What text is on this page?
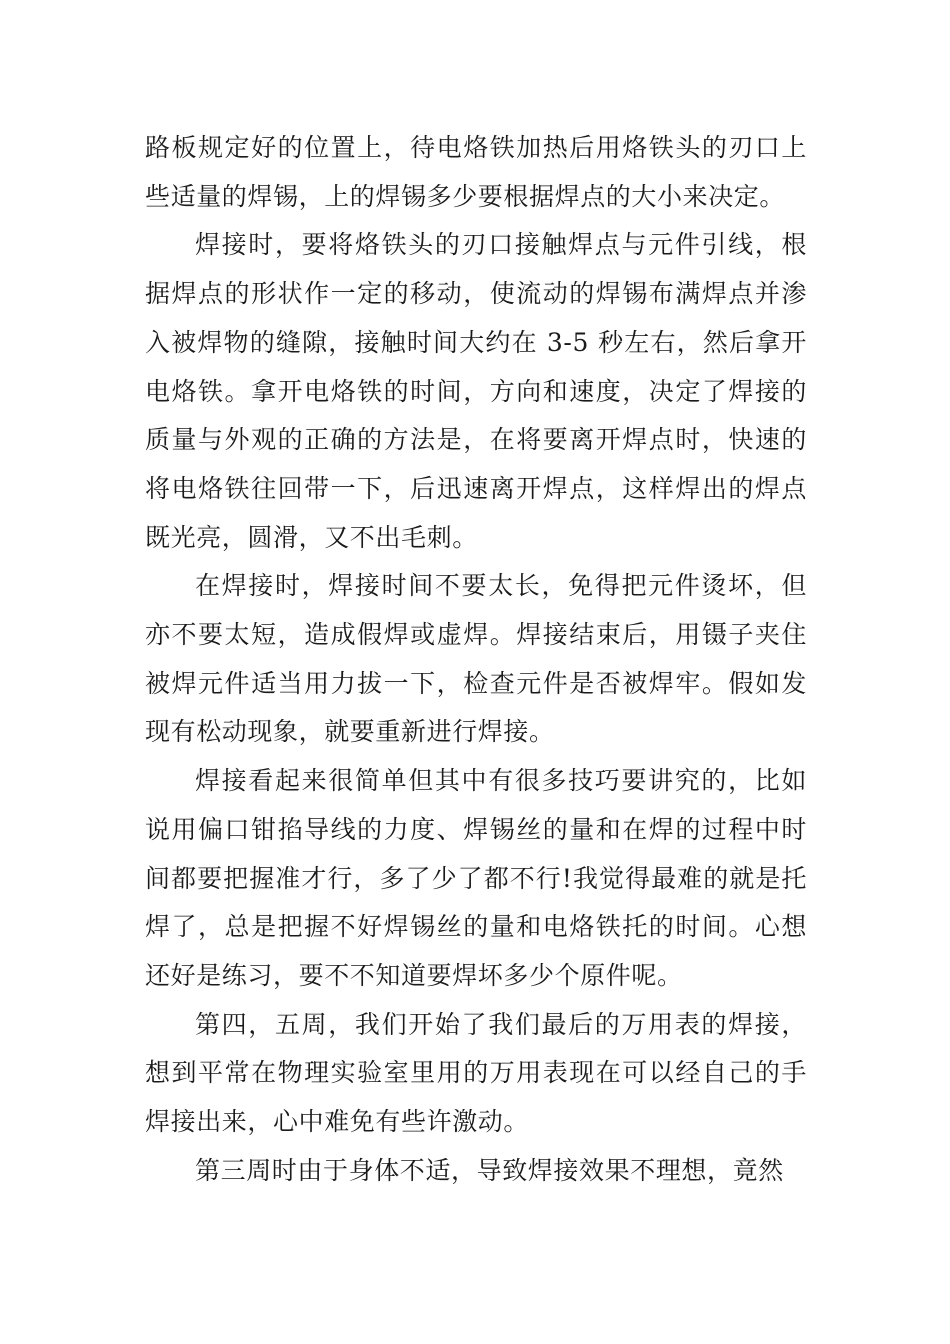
路板规定好的位置上，待电烙铁加热后用烙铁头的刃口上些适量的焊锡，上的焊锡多少要根据焊点的大小来决定。

焊接时，要将烙铁头的刃口接触焊点与元件引线，根据焊点的形状作一定的移动，使流动的焊锡布满焊点并渗入被焊物的缝隙，接触时间大约在 3-5 秒左右，然后拿开电烙铁。拿开电烙铁的时间，方向和速度，决定了焊接的质量与外观的正确的方法是，在将要离开焊点时，快速的将电烙铁往回带一下，后迅速离开焊点，这样焊出的焊点既光亮，圆滑，又不出毛刺。

在焊接时，焊接时间不要太长，免得把元件烫坏，但亦不要太短，造成假焊或虚焊。焊接结束后，用镊子夹住被焊元件适当用力拔一下，检查元件是否被焊牢。假如发现有松动现象，就要重新进行焊接。

焊接看起来很简单但其中有很多技巧要讲究的，比如说用偏口钳掐导线的力度、焊锡丝的量和在焊的过程中时间都要把握准才行，多了少了都不行!我觉得最难的就是托焊了，总是把握不好焊锡丝的量和电烙铁托的时间。心想还好是练习，要不不知道要焊坏多少个原件呢。

第四，五周，我们开始了我们最后的万用表的焊接，想到平常在物理实验室里用的万用表现在可以经自己的手焊接出来，心中难免有些许激动。

第三周时由于身体不适，导致焊接效果不理想，竟然
